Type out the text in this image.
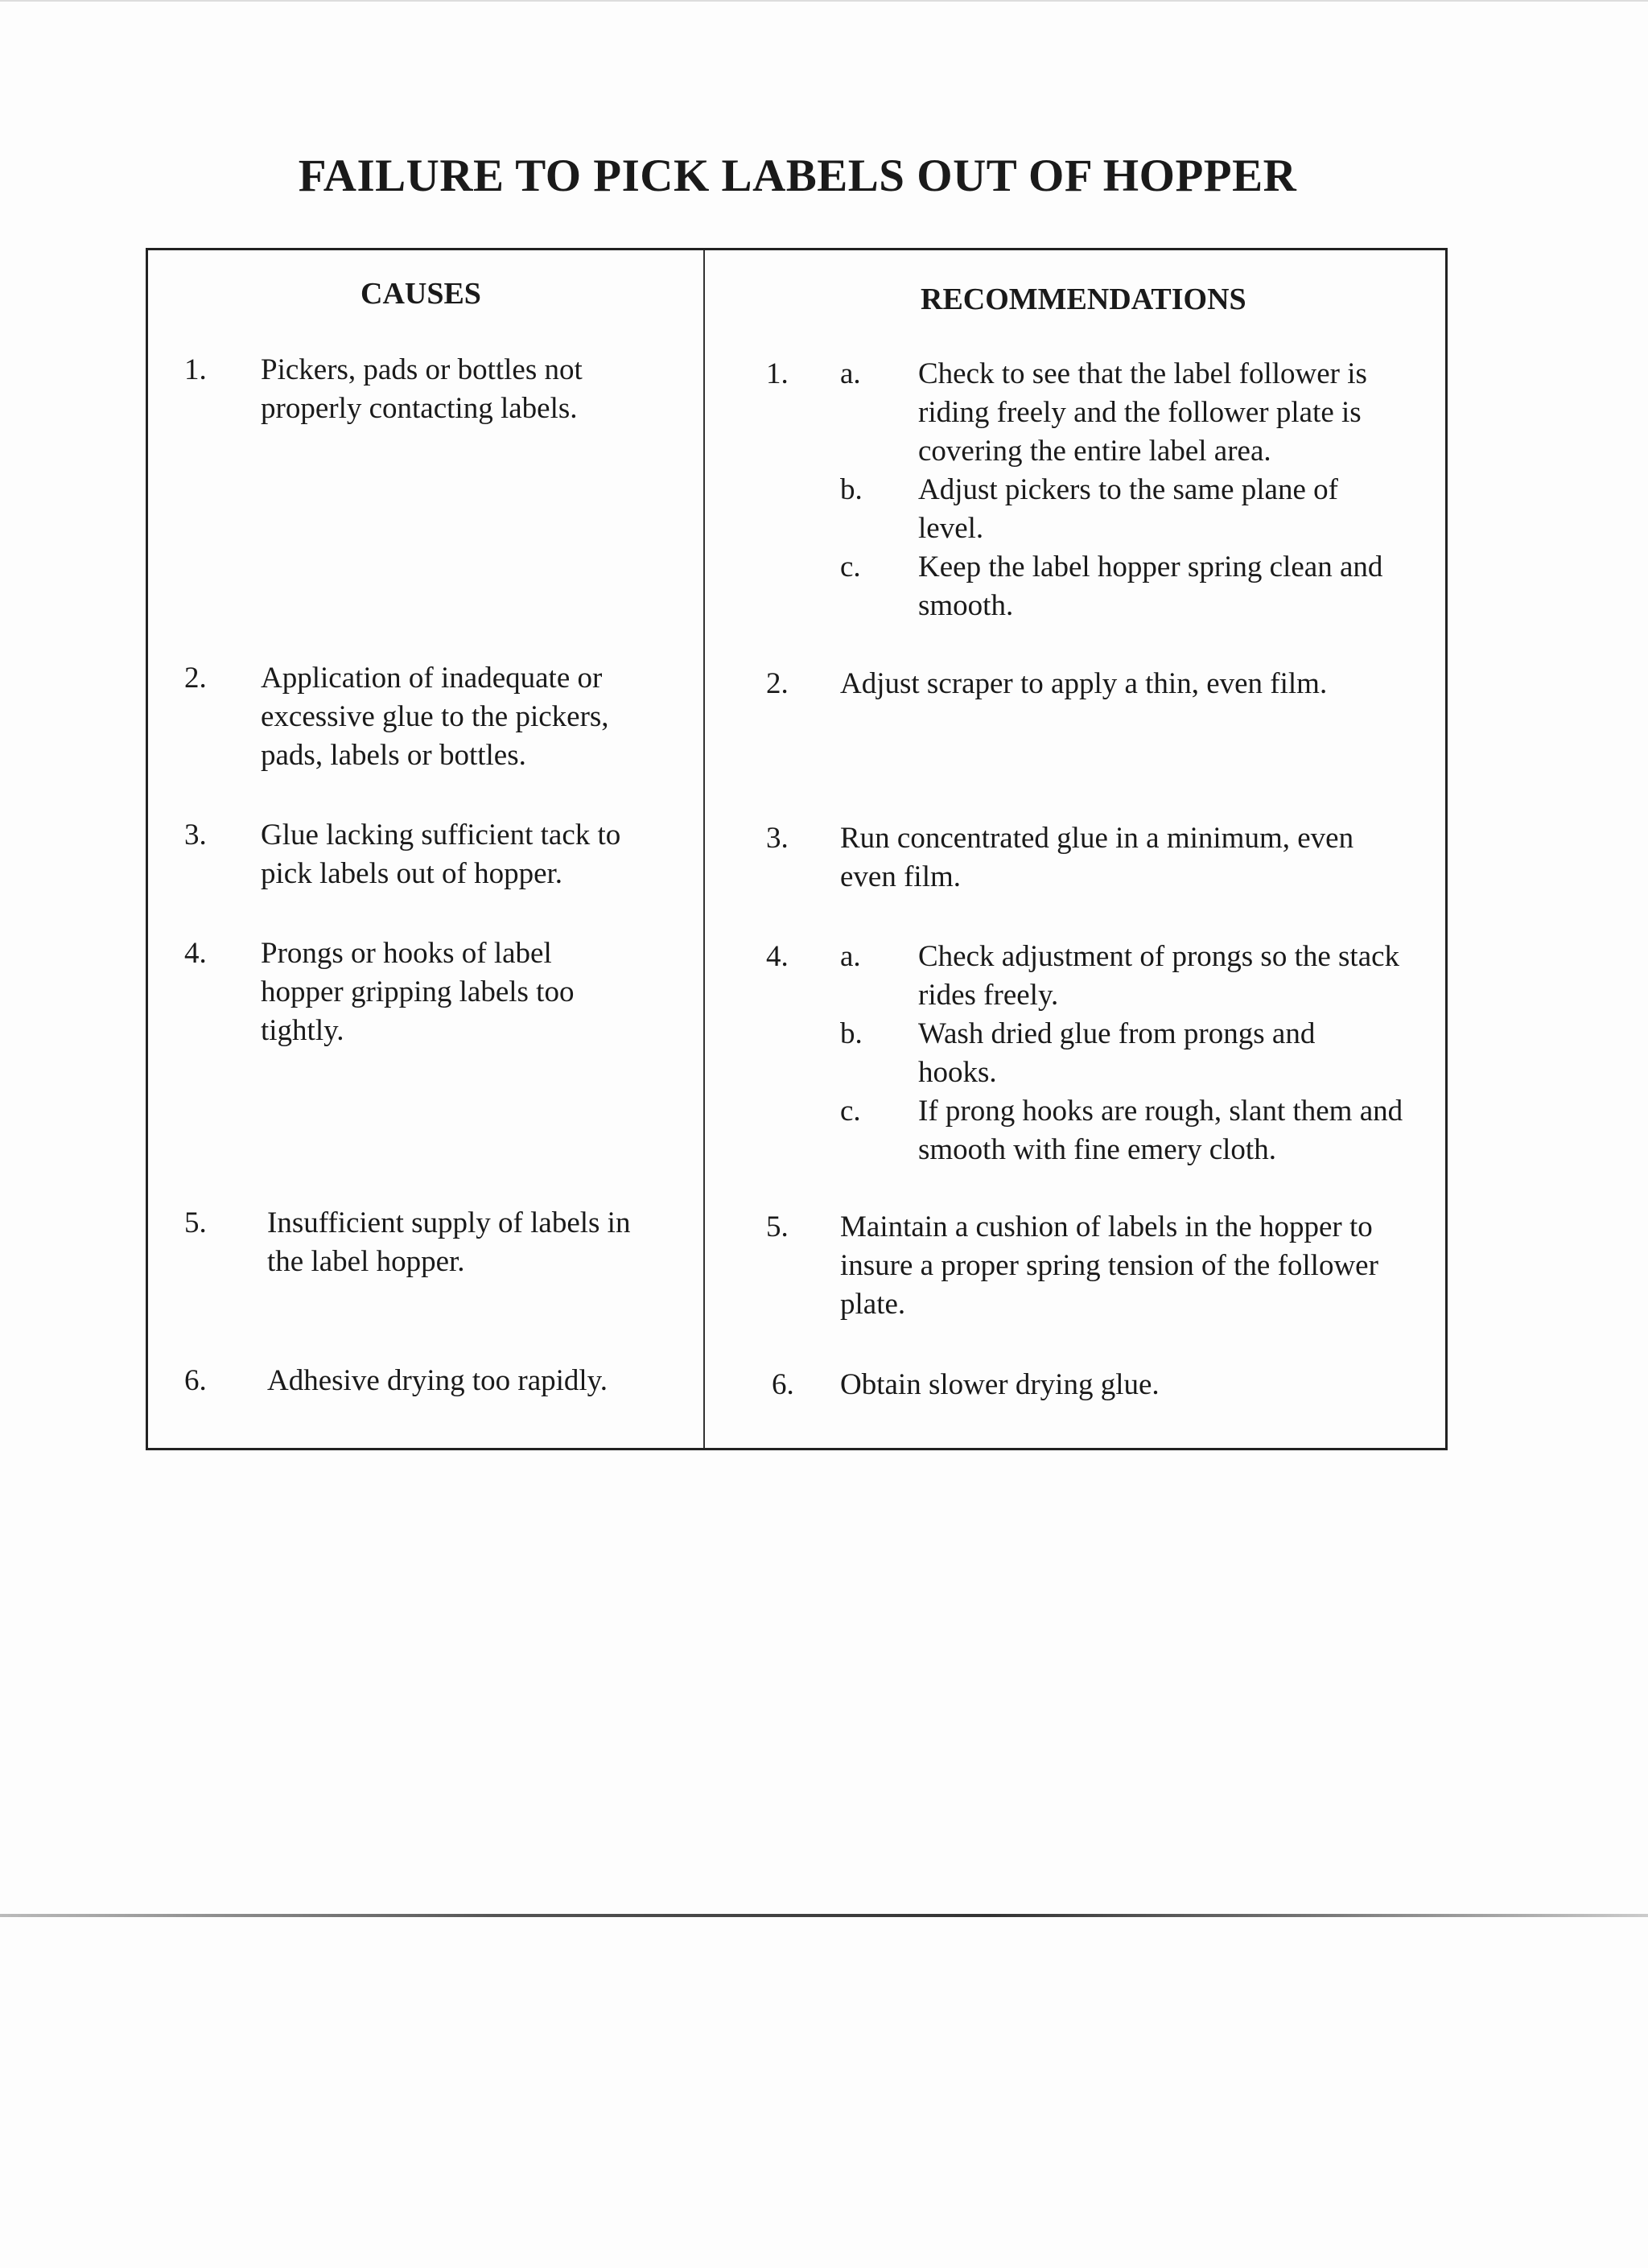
FAILURE TO PICK LABELS OUT OF HOPPER
CAUSES	RECOMMENDATIONS
1. Pickers, pads or bottles not properly contacting labels.
2. Application of inadequate or excessive glue to the pickers, pads, labels or bottles.
3. Glue lacking sufficient tack to pick labels out of hopper.
4. Prongs or hooks of label hopper gripping labels too tightly.
5. Insufficient supply of labels in the label hopper.
6. Adhesive drying too rapidly.
1. a. Check to see that the label follower is riding freely and the follower plate is covering the entire label area.
b. Adjust pickers to the same plane of level.
c. Keep the label hopper spring clean and smooth.
2. Adjust scraper to apply a thin, even film.
3. Run concentrated glue in a minimum, even even film.
4. a. Check adjustment of prongs so the stack rides freely.
b. Wash dried glue from prongs and hooks.
c. If prong hooks are rough, slant them and smooth with fine emery cloth.
5. Maintain a cushion of labels in the hopper to insure a proper spring tension of the follower plate.
6. Obtain slower drying glue.
